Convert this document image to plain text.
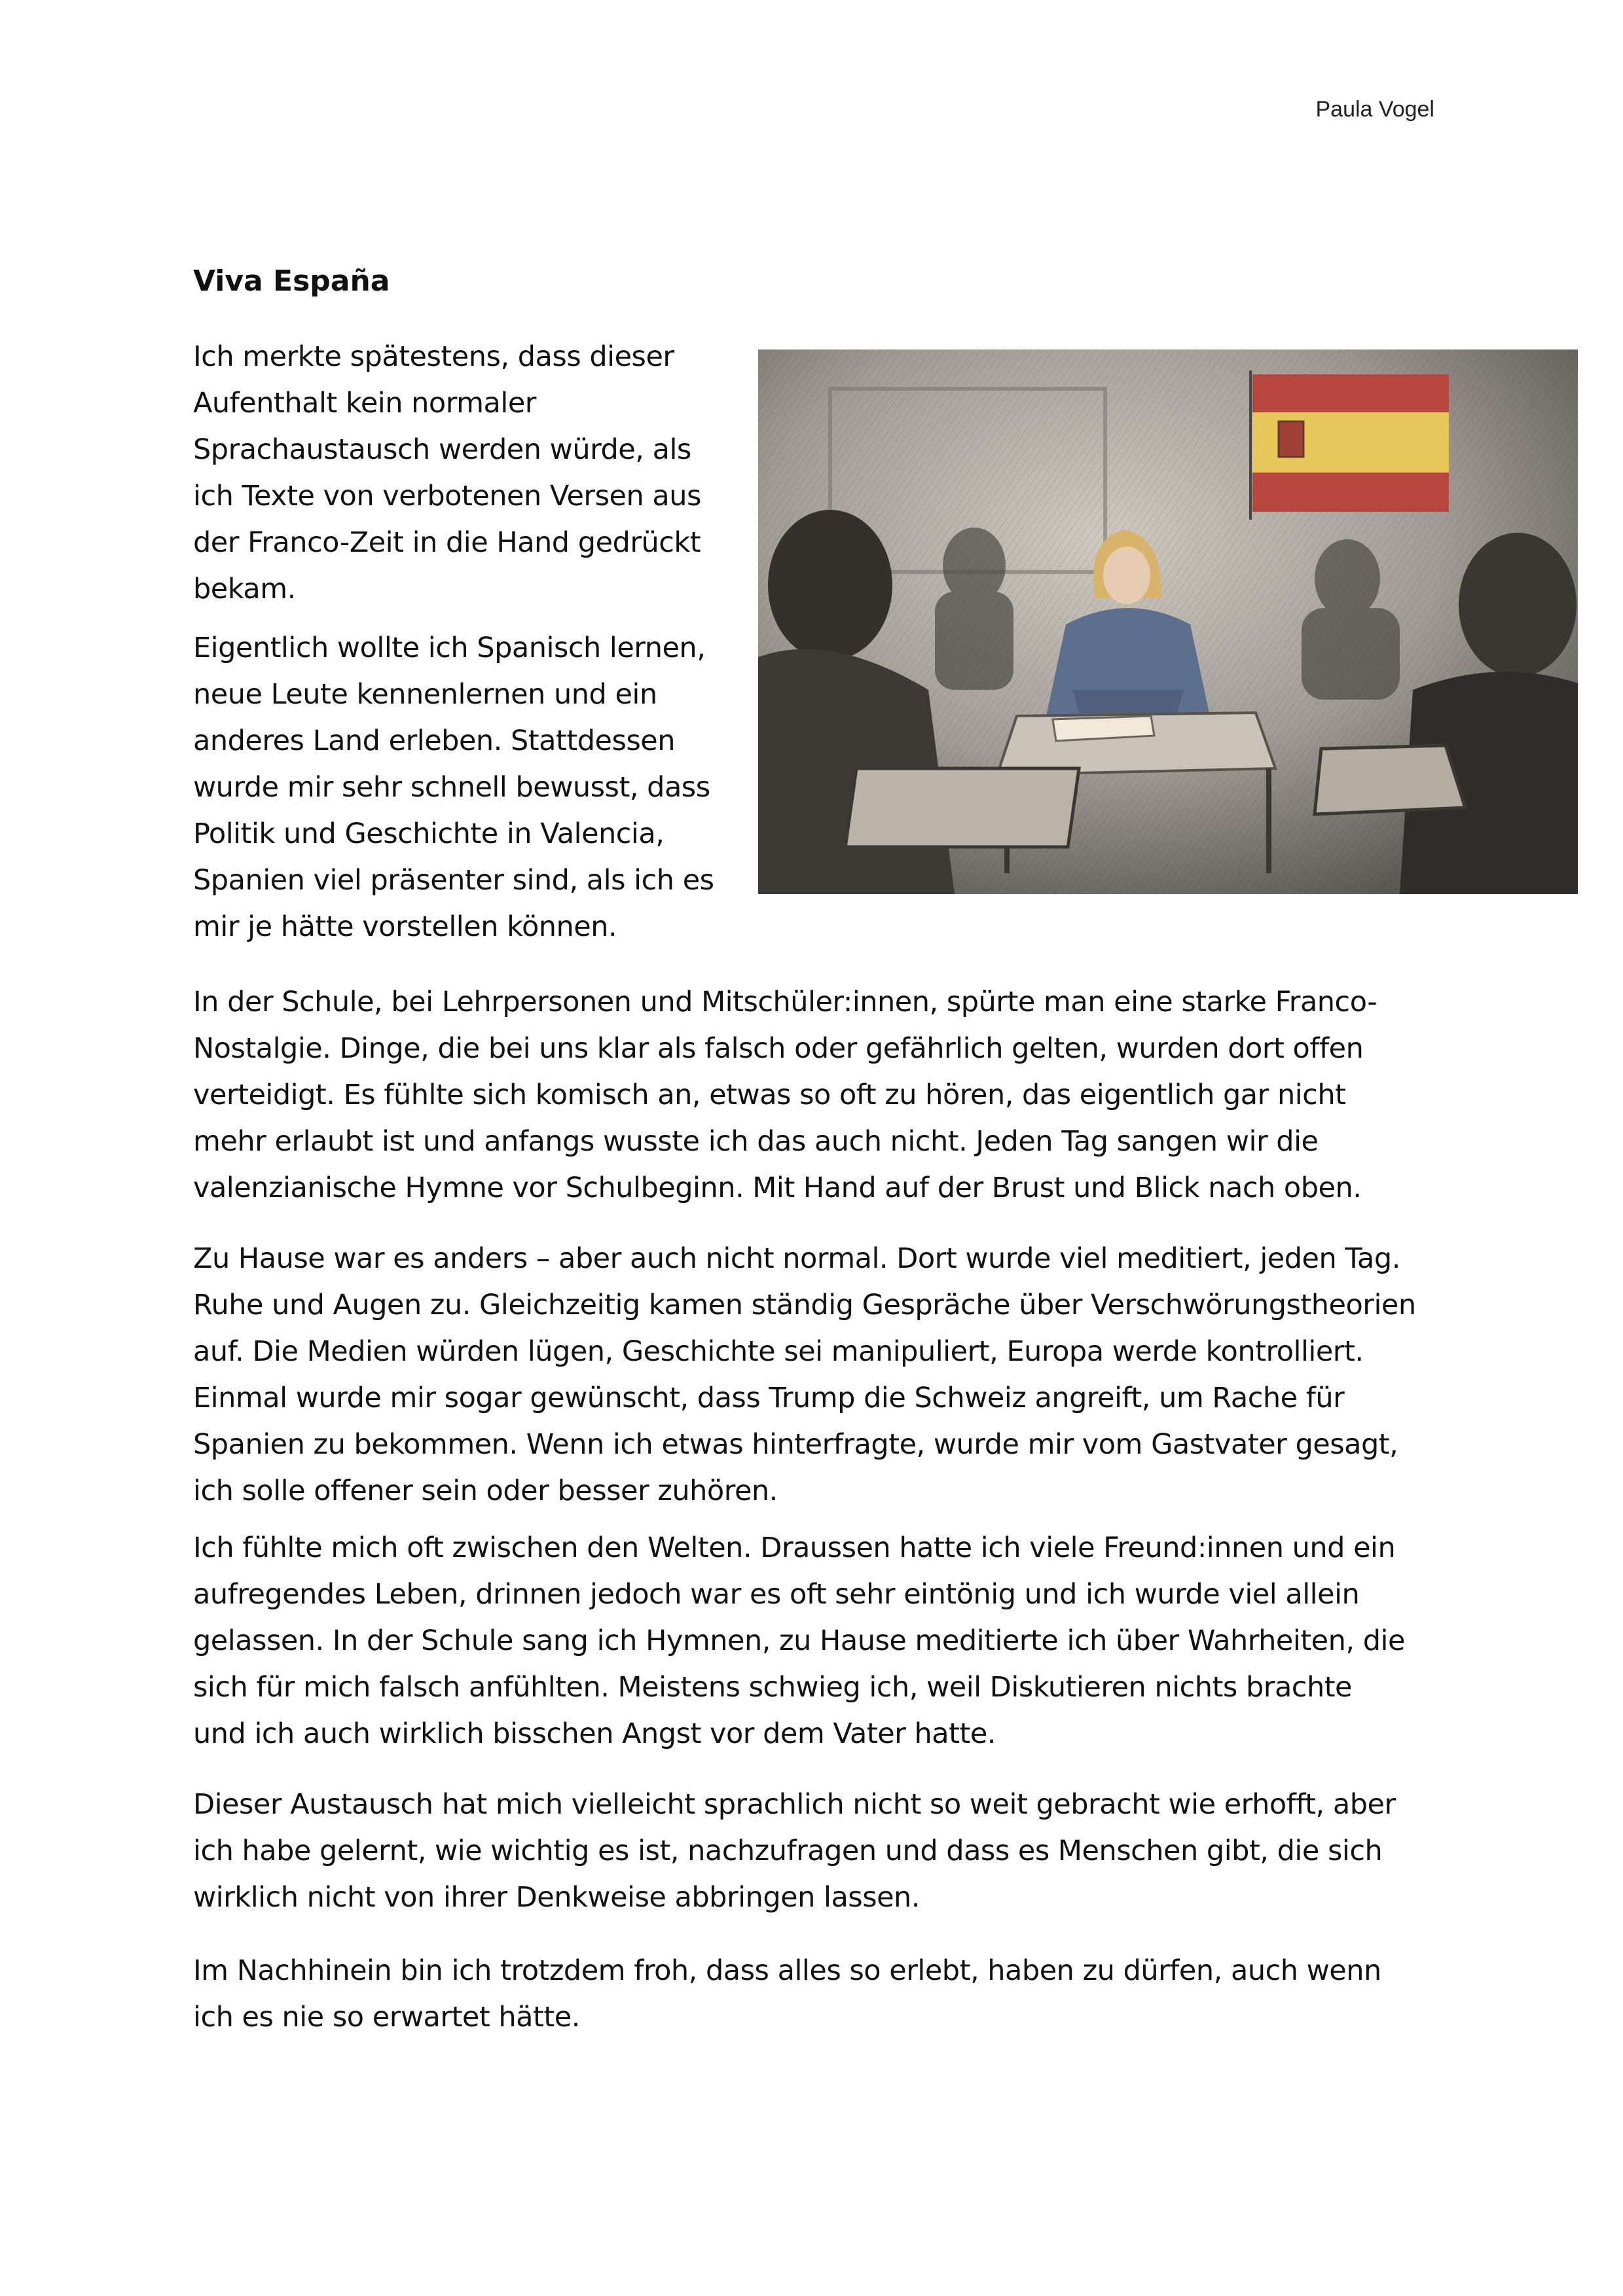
Paula Vogel
Viva España

Ich merkte spätestens, dass dieser
Aufenthalt kein normaler
Sprachaustausch werden würde, als
ich Texte von verbotenen Versen aus
der Franco-Zeit in die Hand gedrückt
bekam.

Eigentlich wollte ich Spanisch lernen,
neue Leute kennenlernen und ein
anderes Land erleben. Stattdessen
wurde mir sehr schnell bewusst, dass
Politik und Geschichte in Valencia,
Spanien viel präsenter sind, als ich es
mir je hätte vorstellen können.

In der Schule, bei Lehrpersonen und Mitschüler:innen, spürte man eine starke Franco-
Nostalgie. Dinge, die bei uns klar als falsch oder gefährlich gelten, wurden dort offen
verteidigt. Es fühlte sich komisch an, etwas so oft zu hören, das eigentlich gar nicht
mehr erlaubt ist und anfangs wusste ich das auch nicht. Jeden Tag sangen wir die
valenzianische Hymne vor Schulbeginn. Mit Hand auf der Brust und Blick nach oben.

Zu Hause war es anders – aber auch nicht normal. Dort wurde viel meditiert, jeden Tag.
Ruhe und Augen zu. Gleichzeitig kamen ständig Gespräche über Verschwörungstheorien
auf. Die Medien würden lügen, Geschichte sei manipuliert, Europa werde kontrolliert.
Einmal wurde mir sogar gewünscht, dass Trump die Schweiz angreift, um Rache für
Spanien zu bekommen. Wenn ich etwas hinterfragte, wurde mir vom Gastvater gesagt,
ich solle offener sein oder besser zuhören.

Ich fühlte mich oft zwischen den Welten. Draussen hatte ich viele Freund:innen und ein
aufregendes Leben, drinnen jedoch war es oft sehr eintönig und ich wurde viel allein
gelassen. In der Schule sang ich Hymnen, zu Hause meditierte ich über Wahrheiten, die
sich für mich falsch anfühlten. Meistens schwieg ich, weil Diskutieren nichts brachte
und ich auch wirklich bisschen Angst vor dem Vater hatte.

Dieser Austausch hat mich vielleicht sprachlich nicht so weit gebracht wie erhofft, aber
ich habe gelernt, wie wichtig es ist, nachzufragen und dass es Menschen gibt, die sich
wirklich nicht von ihrer Denkweise abbringen lassen.

Im Nachhinein bin ich trotzdem froh, dass alles so erlebt, haben zu dürfen, auch wenn
ich es nie so erwartet hätte.
